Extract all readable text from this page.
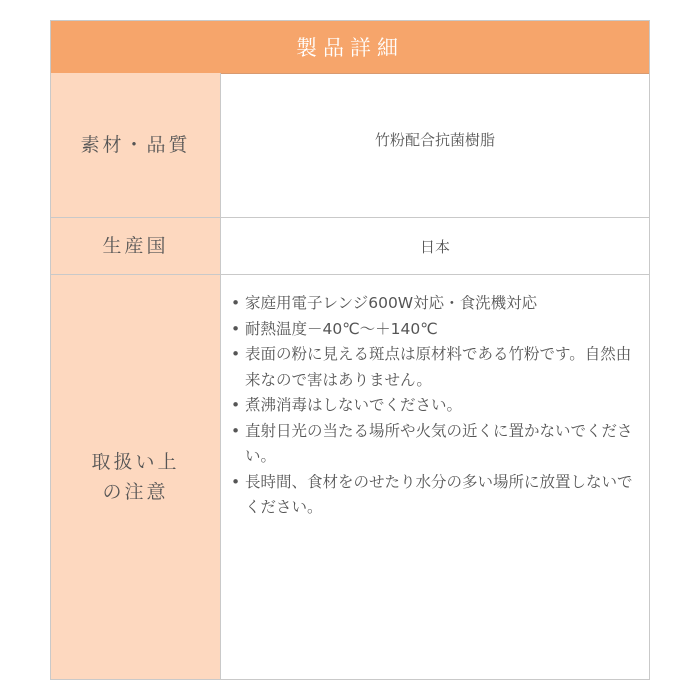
製品詳細
素材・品質	竹粉配合抗菌樹脂
生産国	日本
取扱い上
の注意
• 家庭用電子レンジ600W対応・食洗機対応
• 耐熱温度－40℃～＋140℃
• 表面の粉に見える斑点は原材料である竹粉です。自然由来なので害はありません。
• 煮沸消毒はしないでください。
• 直射日光の当たる場所や火気の近くに置かないでください。
• 長時間、食材をのせたり水分の多い場所に放置しないでください。
